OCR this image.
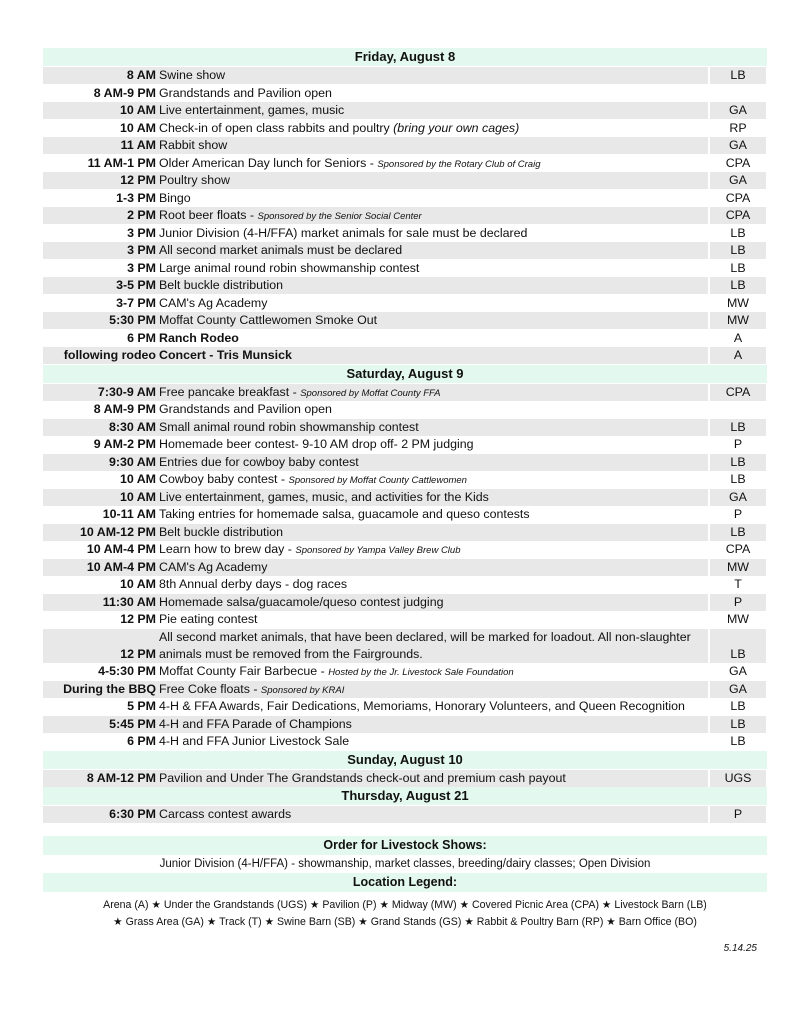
Friday, August 8
8 AM Swine show	LB
8 AM-9 PM Grandstands and Pavilion open
10 AM Live entertainment, games, music	GA
10 AM Check-in of open class rabbits and poultry (bring your own cages)	RP
11 AM Rabbit show	GA
11 AM-1 PM Older American Day lunch for Seniors - Sponsored by the Rotary Club of Craig	CPA
12 PM Poultry show	GA
1-3 PM Bingo	CPA
2 PM Root beer floats - Sponsored by the Senior Social Center	CPA
3 PM Junior Division (4-H/FFA) market animals for sale must be declared	LB
3 PM All second market animals must be declared	LB
3 PM Large animal round robin showmanship contest	LB
3-5 PM Belt buckle distribution	LB
3-7 PM CAM's Ag Academy	MW
5:30 PM Moffat County Cattlewomen Smoke Out	MW
6 PM Ranch Rodeo	A
following rodeo Concert - Tris Munsick	A
Saturday, August 9
7:30-9 AM Free pancake breakfast - Sponsored by Moffat County FFA	CPA
8 AM-9 PM Grandstands and Pavilion open
8:30 AM Small animal round robin showmanship contest	LB
9 AM-2 PM Homemade beer contest- 9-10 AM drop off- 2 PM judging	P
9:30 AM Entries due for cowboy baby contest	LB
10 AM Cowboy baby contest - Sponsored by Moffat County Cattlewomen	LB
10 AM Live entertainment, games, music, and activities for the Kids	GA
10-11 AM Taking entries for homemade salsa, guacamole and queso contests	P
10 AM-12 PM Belt buckle distribution	LB
10 AM-4 PM Learn how to brew day - Sponsored by Yampa Valley Brew Club	CPA
10 AM-4 PM CAM's Ag Academy	MW
10 AM 8th Annual derby days - dog races	T
11:30 AM Homemade salsa/guacamole/queso contest judging	P
12 PM Pie eating contest	MW
12 PM
All second market animals, that have been declared, will be marked for loadout. All non-slaughter animals must be removed from the Fairgrounds.	LB
4-5:30 PM Moffat County Fair Barbecue - Hosted by the Jr. Livestock Sale Foundation	GA
During the BBQ Free Coke floats - Sponsored by KRAI	GA
5 PM 4-H & FFA Awards, Fair Dedications, Memoriams, Honorary Volunteers, and Queen Recognition	LB
5:45 PM 4-H and FFA Parade of Champions	LB
6 PM 4-H and FFA Junior Livestock Sale	LB
Sunday, August 10
8 AM-12 PM Pavilion and Under The Grandstands check-out and premium cash payout	UGS
Thursday, August 21
6:30 PM Carcass contest awards	P
Order for Livestock Shows:
Junior Division (4-H/FFA) - showmanship, market classes, breeding/dairy classes; Open Division
Location Legend:
Arena (A) ★ Under the Grandstands (UGS) ★ Pavilion (P) ★ Midway (MW) ★ Covered Picnic Area (CPA) ★ Livestock Barn (LB)
★ Grass Area (GA) ★ Track (T) ★ Swine Barn (SB) ★ Grand Stands (GS) ★ Rabbit & Poultry Barn (RP) ★ Barn Office (BO)
5.14.25
